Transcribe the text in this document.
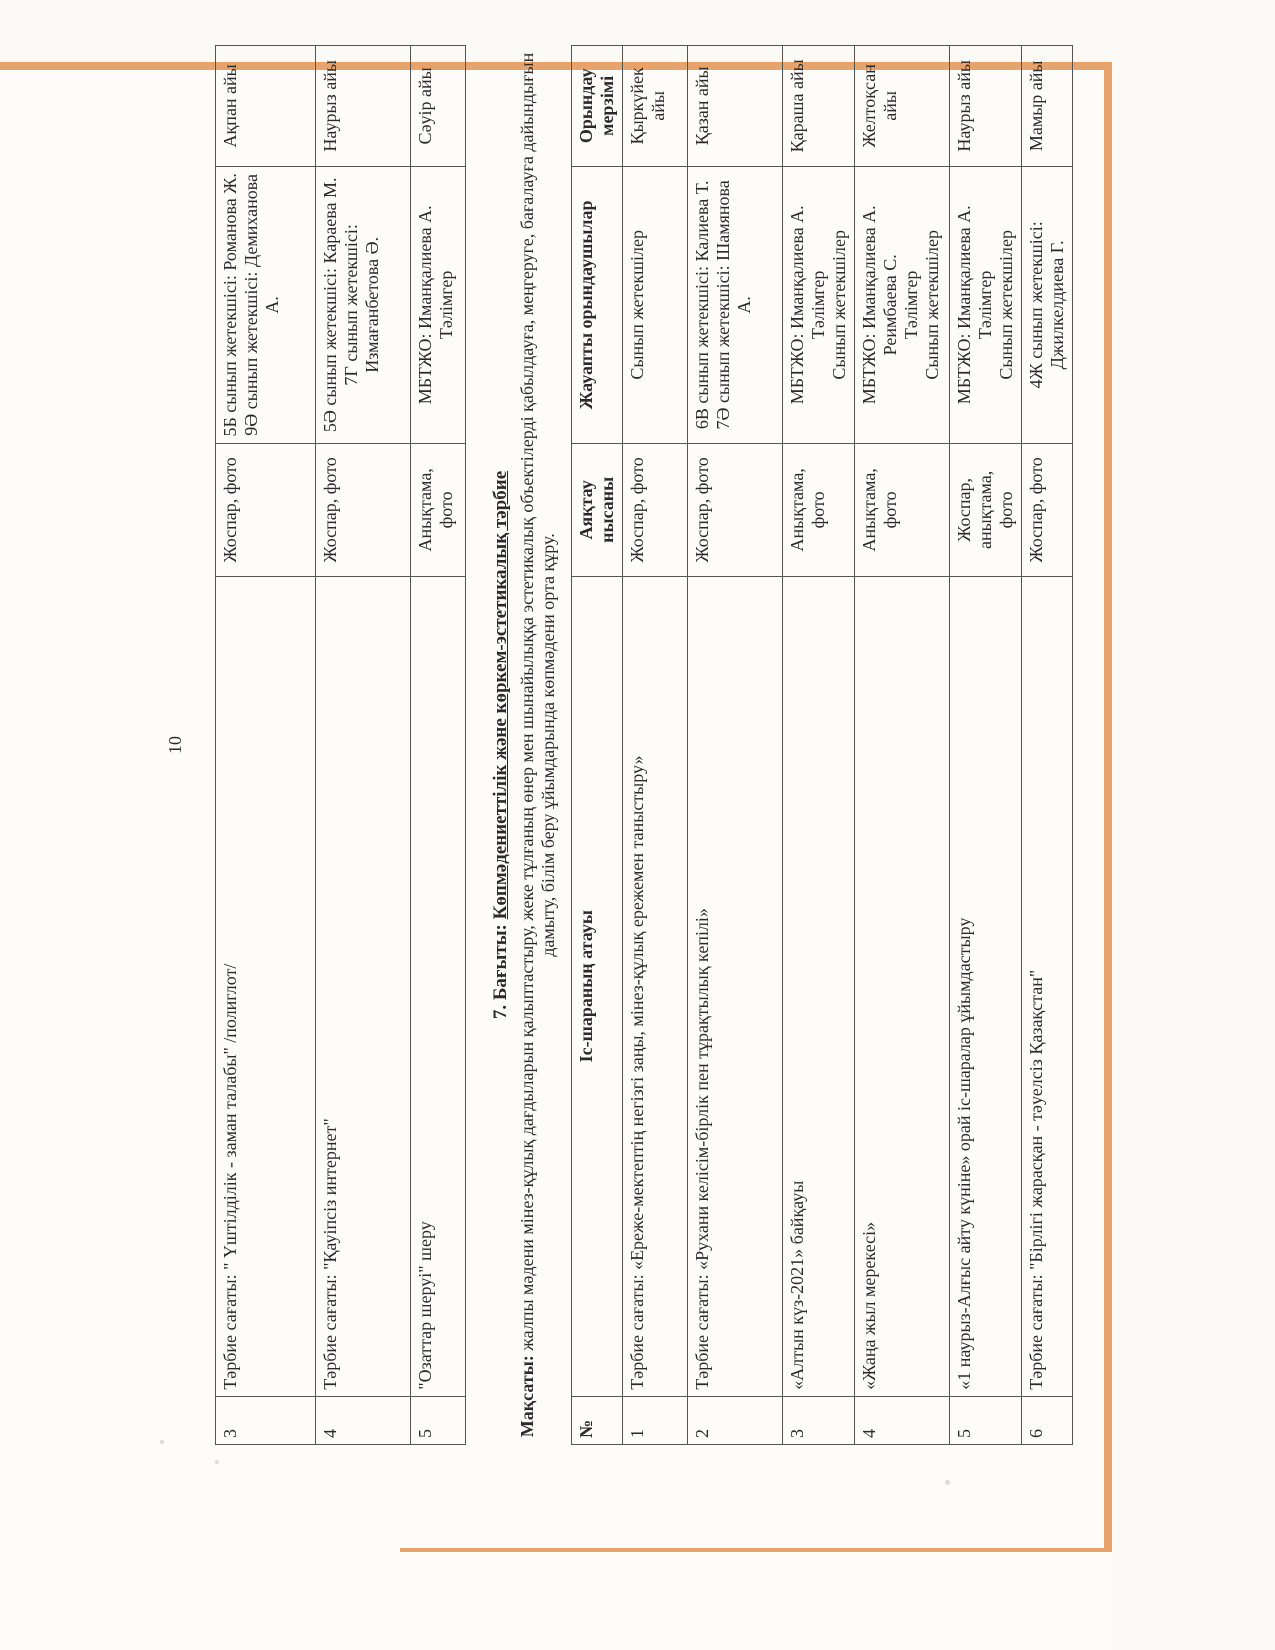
10
3	Тәрбие сағаты: " Үштілділік - заман талабы" /полиглот/	Жоспар, фото	5Б сынып жетекшісі: Романова Ж. 9Ә сынып жетекшісі: Демиханова А.	Ақпан айы
4	Тәрбие сағаты: "Қауіпсіз интернет"	Жоспар, фото	5Ә сынып жетекшісі: Караева М. 7Г сынып жетекшісі: Измағанбетова Ә.	Наурыз айы
5	"Озаттар шеруі" шеру	Анықтама, фото	МБТЖО: Иманқалиева А. Тәлімгер	Сәуір айы
7. Бағыты: Көпмәдениеттілік және көркем-эстетикалық тәрбие
Мақсаты: жалпы мәдени мінез-құлық дағдыларын қалыптастыру, жеке тұлғаның өнер мен шынайылыққа эстетикалық объектілерді қабылдауға, меңгеруге, бағалауға дайындығын дамыту, білім беру ұйымдарында көпмәдени орта құру.
№	Іс-шараның атауы	Аяқтау нысаны	Жауапты орындаушылар	Орындау мерзімі
1	Тәрбие сағаты: «Ереже-мектептің негізгі заңы, мінез-құлық ережемен таныстыру»	Жоспар, фото	Сынып жетекшілер	Қыркүйек айы
2	Тәрбие сағаты: «Рухани келісім-бірлік пен тұрақтылық кепілі»	Жоспар, фото	6В сынып жетекшісі: Калиева Т. 7Ә сынып жетекшісі: Шамянова А.	Қазан айы
3	«Алтын күз-2021» байқауы	Анықтама, фото	МБТЖО: Иманқалиева А. Тәлімгер Сынып жетекшілер	Қараша айы
4	«Жаңа жыл мерекесі»	Анықтама, фото	МБТЖО: Иманқалиева А. Реимбаева С. Тәлімгер Сынып жетекшілер	Желтоқсан айы
5	«1 наурыз-Алғыс айту күніне» орай іс-шаралар ұйымдастыру	Жоспар, анықтама, фото	МБТЖО: Иманқалиева А. Тәлімгер Сынып жетекшілер	Наурыз айы
6	Тәрбие сағаты: "Бірлігі жарасқан - тәуелсіз Қазақстан"	Жоспар, фото	4Ж сынып жетекшісі: Джилкелдиева Г.	Мамыр айы
